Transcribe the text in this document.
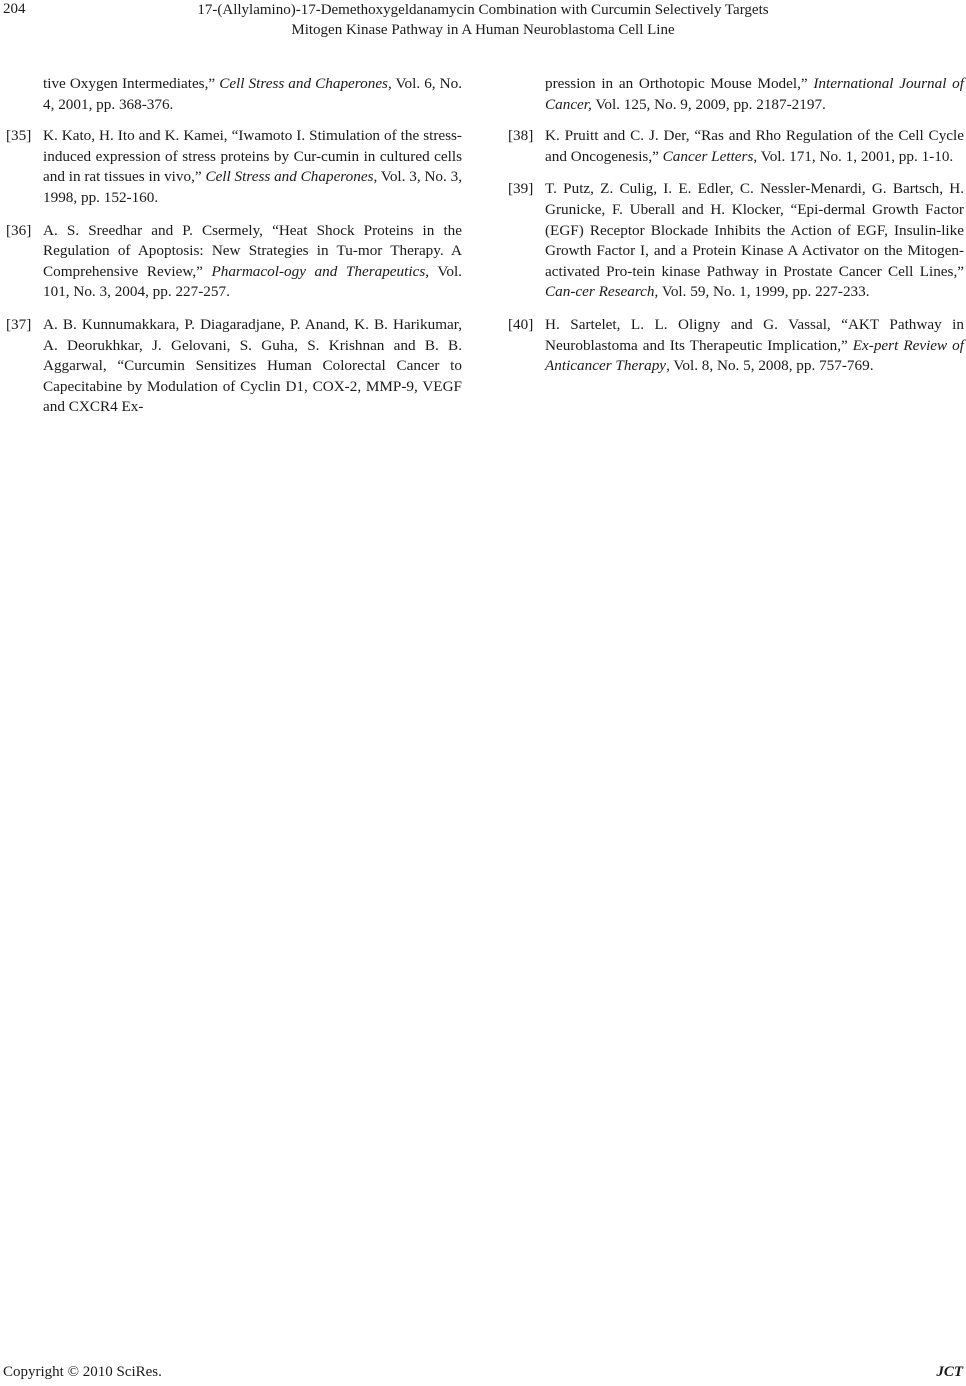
204	17-(Allylamino)-17-Demethoxygeldanamycin Combination with Curcumin Selectively Targets
Mitogen Kinase Pathway in A Human Neuroblastoma Cell Line
tive Oxygen Intermediates,” Cell Stress and Chaperones, Vol. 6, No. 4, 2001, pp. 368-376.
[35] K. Kato, H. Ito and K. Kamei, “Iwamoto I. Stimulation of the stress-induced expression of stress proteins by Cur-cumin in cultured cells and in rat tissues in vivo,” Cell Stress and Chaperones, Vol. 3, No. 3, 1998, pp. 152-160.
[36] A. S. Sreedhar and P. Csermely, “Heat Shock Proteins in the Regulation of Apoptosis: New Strategies in Tu-mor Therapy. A Comprehensive Review,” Pharmacol-ogy and Therapeutics, Vol. 101, No. 3, 2004, pp. 227-257.
[37] A. B. Kunnumakkara, P. Diagaradjane, P. Anand, K. B. Harikumar, A. Deorukhkar, J. Gelovani, S. Guha, S. Krishnan and B. B. Aggarwal, “Curcumin Sensitizes Human Colorectal Cancer to Capecitabine by Modulation of Cyclin D1, COX-2, MMP-9, VEGF and CXCR4 Ex-
pression in an Orthotopic Mouse Model,” International Journal of Cancer, Vol. 125, No. 9, 2009, pp. 2187-2197.
[38] K. Pruitt and C. J. Der, “Ras and Rho Regulation of the Cell Cycle and Oncogenesis,” Cancer Letters, Vol. 171, No. 1, 2001, pp. 1-10.
[39] T. Putz, Z. Culig, I. E. Edler, C. Nessler-Menardi, G. Bartsch, H. Grunicke, F. Uberall and H. Klocker, “Epi-dermal Growth Factor (EGF) Receptor Blockade Inhibits the Action of EGF, Insulin-like Growth Factor I, and a Protein Kinase A Activator on the Mitogen-activated Pro-tein kinase Pathway in Prostate Cancer Cell Lines,” Can-cer Research, Vol. 59, No. 1, 1999, pp. 227-233.
[40] H. Sartelet, L. L. Oligny and G. Vassal, “AKT Pathway in Neuroblastoma and Its Therapeutic Implication,” Ex-pert Review of Anticancer Therapy, Vol. 8, No. 5, 2008, pp. 757-769.
Copyright © 2010 SciRes.	JCT
